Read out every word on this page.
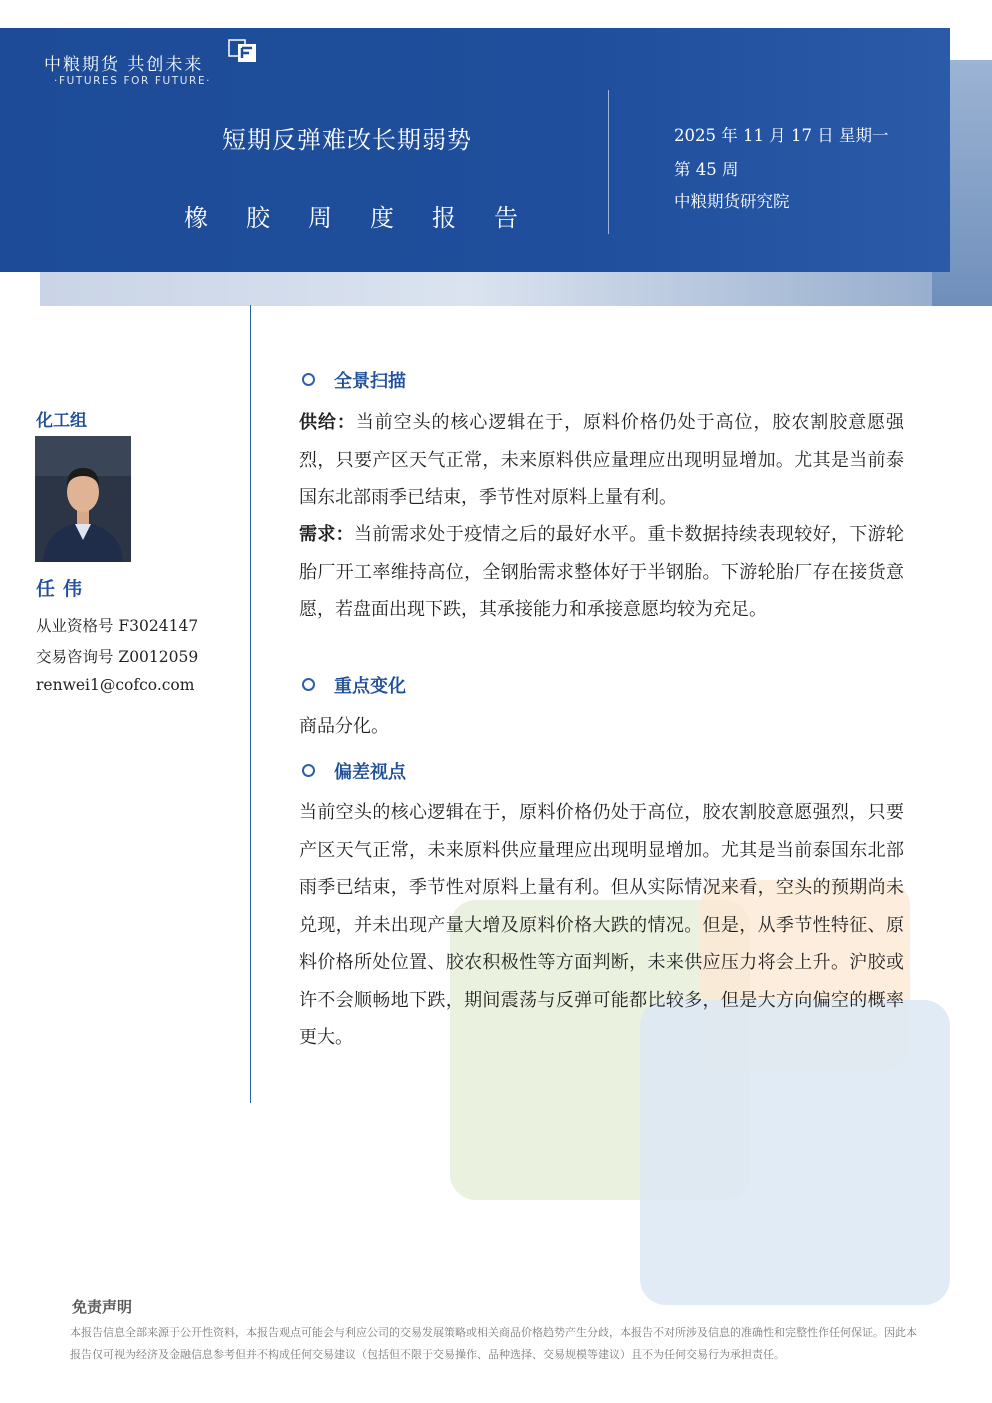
中粮期货 共创未来
·FUTURES FOR FUTURE·
短期反弹难改长期弱势
橡胶周度报告
2025 年 11 月 17 日 星期一
第 45 周
中粮期货研究院
化工组
任伟
从业资格号 F3024147
交易咨询号 Z0012059
renwei1@cofco.com
全景扫描
供给：当前空头的核心逻辑在于，原料价格仍处于高位，胶农割胶意愿强烈，只要产区天气正常，未来原料供应量理应出现明显增加。尤其是当前泰国东北部雨季已结束，季节性对原料上量有利。
需求：当前需求处于疫情之后的最好水平。重卡数据持续表现较好，下游轮胎厂开工率维持高位，全钢胎需求整体好于半钢胎。下游轮胎厂存在接货意愿，若盘面出现下跌，其承接能力和承接意愿均较为充足。
重点变化
商品分化。
偏差视点
当前空头的核心逻辑在于，原料价格仍处于高位，胶农割胶意愿强烈，只要产区天气正常，未来原料供应量理应出现明显增加。尤其是当前泰国东北部雨季已结束，季节性对原料上量有利。但从实际情况来看，空头的预期尚未兑现，并未出现产量大增及原料价格大跌的情况。但是，从季节性特征、原料价格所处位置、胶农积极性等方面判断，未来供应压力将会上升。沪胶或许不会顺畅地下跌，期间震荡与反弹可能都比较多，但是大方向偏空的概率更大。
免责声明
本报告信息全部来源于公开性资料，本报告观点可能会与利应公司的交易发展策略或相关商品价格趋势产生分歧，本报告不对所涉及信息的准确性和完整性作任何保证。因此本报告仅可视为经济及金融信息参考但并不构成任何交易建议（包括但不限于交易操作、品种选择、交易规模等建议）且不为任何交易行为承担责任。
